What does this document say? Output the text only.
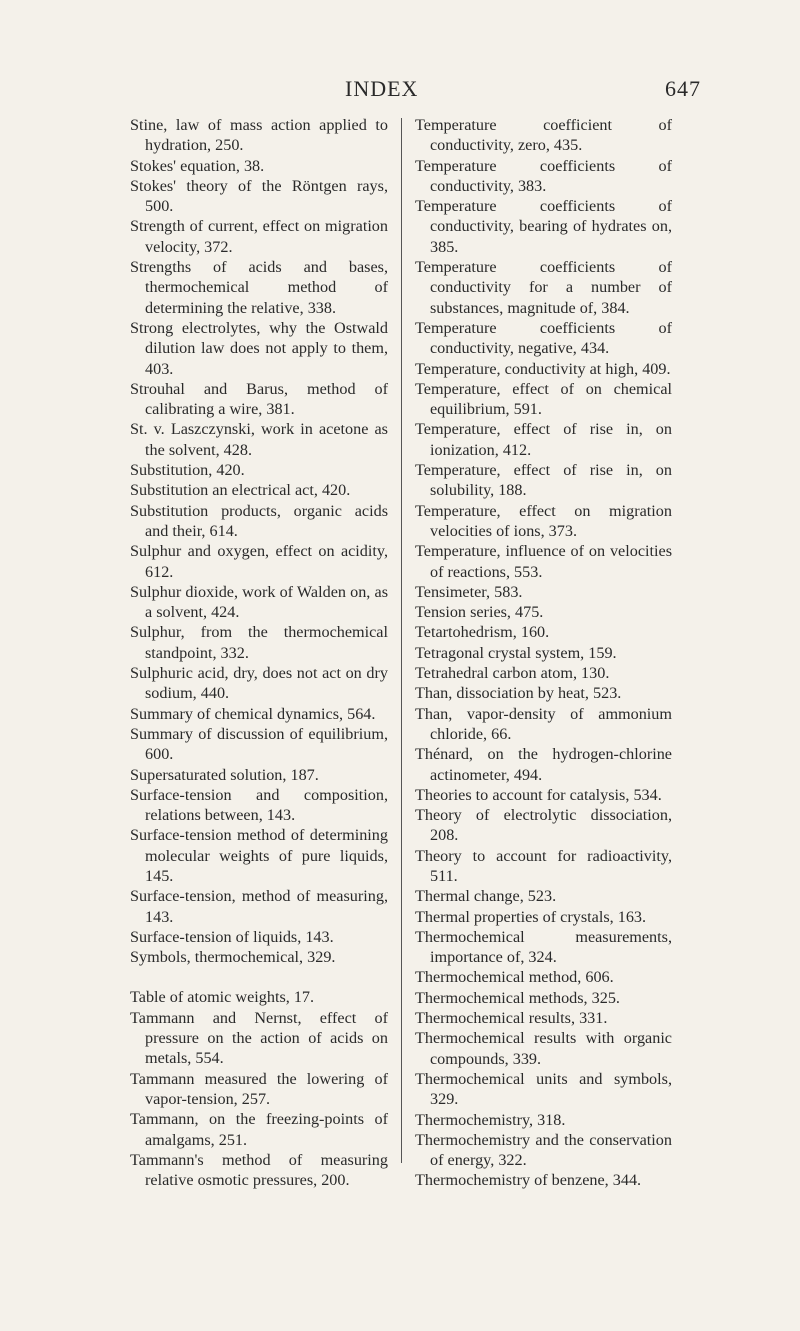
INDEX	647

Stine, law of mass action applied to hydration, 250.

Stokes' equation, 38.

Stokes' theory of the Röntgen rays, 500.

Strength of current, effect on migration velocity, 372.

Strengths of acids and bases, thermochemical method of determining the relative, 338.

Strong electrolytes, why the Ostwald dilution law does not apply to them, 403.

Strouhal and Barus, method of calibrating a wire, 381.

St. v. Laszczynski, work in acetone as the solvent, 428.

Substitution, 420.

Substitution an electrical act, 420.

Substitution products, organic acids and their, 614.

Sulphur and oxygen, effect on acidity, 612.

Sulphur dioxide, work of Walden on, as a solvent, 424.

Sulphur, from the thermochemical standpoint, 332.

Sulphuric acid, dry, does not act on dry sodium, 440.

Summary of chemical dynamics, 564.

Summary of discussion of equilibrium, 600.

Supersaturated solution, 187.

Surface-tension and composition, relations between, 143.

Surface-tension method of determining molecular weights of pure liquids, 145.

Surface-tension, method of measuring, 143.

Surface-tension of liquids, 143.

Symbols, thermochemical, 329.

Table of atomic weights, 17.

Tammann and Nernst, effect of pressure on the action of acids on metals, 554.

Tammann measured the lowering of vapor-tension, 257.

Tammann, on the freezing-points of amalgams, 251.

Tammann's method of measuring relative osmotic pressures, 200.

Temperature coefficient of conductivity, zero, 435.

Temperature coefficients of conductivity, 383.

Temperature coefficients of conductivity, bearing of hydrates on, 385.

Temperature coefficients of conductivity for a number of substances, magnitude of, 384.

Temperature coefficients of conductivity, negative, 434.

Temperature, conductivity at high, 409.

Temperature, effect of on chemical equilibrium, 591.

Temperature, effect of rise in, on ionization, 412.

Temperature, effect of rise in, on solubility, 188.

Temperature, effect on migration velocities of ions, 373.

Temperature, influence of on velocities of reactions, 553.

Tensimeter, 583.

Tension series, 475.

Tetartohedrism, 160.

Tetragonal crystal system, 159.

Tetrahedral carbon atom, 130.

Than, dissociation by heat, 523.

Than, vapor-density of ammonium chloride, 66.

Thénard, on the hydrogen-chlorine actinometer, 494.

Theories to account for catalysis, 534.

Theory of electrolytic dissociation, 208.

Theory to account for radioactivity, 511.

Thermal change, 523.

Thermal properties of crystals, 163.

Thermochemical measurements, importance of, 324.

Thermochemical method, 606.

Thermochemical methods, 325.

Thermochemical results, 331.

Thermochemical results with organic compounds, 339.

Thermochemical units and symbols, 329.

Thermochemistry, 318.

Thermochemistry and the conservation of energy, 322.

Thermochemistry of benzene, 344.
